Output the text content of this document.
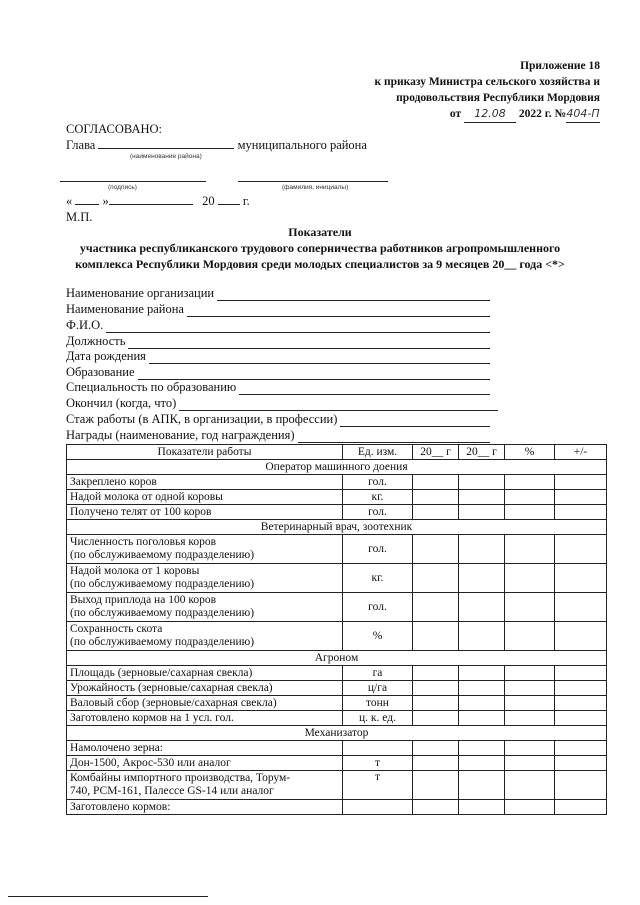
Приложение 18
к приказу Министра сельского хозяйства и
продовольствия Республики Мордовия
от 12.08 2022 г. №404-П
СОГЛАСОВАНО:
Глава	муниципального района
(наименование района)
(подпись)	(фамилия, инициалы)
« »	20 г.
М.П.
Показатели
участника республиканского трудового соперничества работников агропромышленного
комплекса Республики Мордовия среди молодых специалистов за 9 месяцев 20__ года <*>
Наименование организации
Наименование района
Ф.И.О.
Должность
Дата рождения
Образование
Специальность по образованию
Окончил (когда, что)
Стаж работы (в АПК, в организации, в профессии)
Награды (наименование, год награждения)
Показатели работы	Ед. изм.	20__ г	20__ г	%	+/-
Оператор машинного доения					

Закреплено коров	гол.				

Надой молока от одной коровы	кг.				

Получено телят от 100 коров	гол.				
Ветеринарный врач, зоотехник					

Численность поголовья коров
(по обслуживаемому подразделению)	гол.				

Надой молока от 1 коровы
(по обслуживаемому подразделению)	кг.				

Выход приплода на 100 коров
(по обслуживаемому подразделению)	гол.				

Сохранность скота
(по обслуживаемому подразделению)	%				
Агроном					

Площадь (зерновые/сахарная свекла)	га				

Урожайность (зерновые/сахарная свекла)	ц/га				

Валовый сбор (зерновые/сахарная свекла)	тонн				

Заготовлено кормов на 1 усл. гол.	ц. к. ед.				
Механизатор					

Намолочено зерна:					

Дон-1500, Акрос-530 или аналог	т				

Комбайны импортного производства, Торум-
740, РСМ-161, Палессе GS-14 или аналог	т				

Заготовлено кормов:					
